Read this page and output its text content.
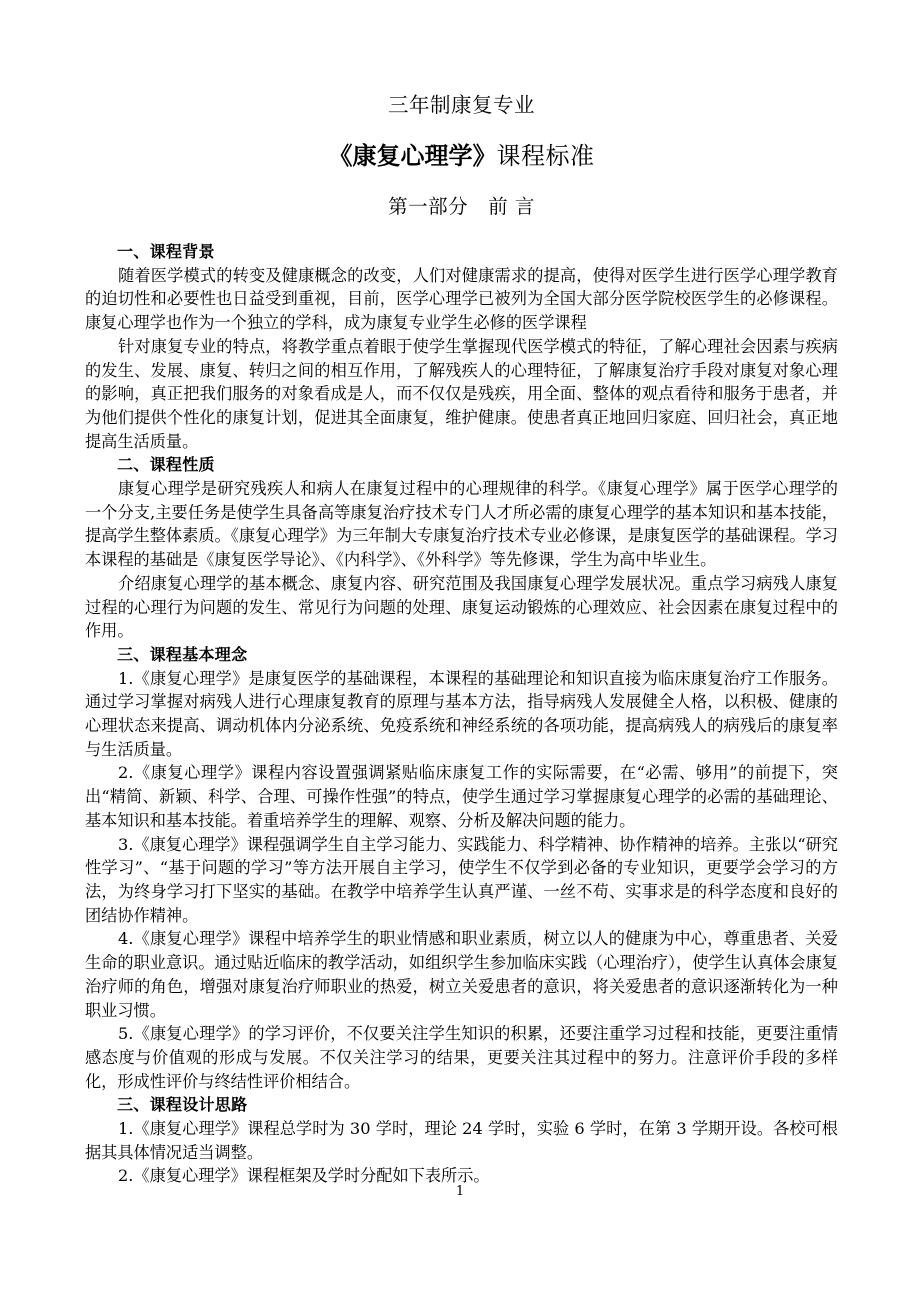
三年制康复专业
《康复心理学》课程标准
第一部分　前 言
一、课程背景

随着医学模式的转变及健康概念的改变，人们对健康需求的提高，使得对医学生进行医学心理学教育的迫切性和必要性也日益受到重视，目前，医学心理学已被列为全国大部分医学院校医学生的必修课程。康复心理学也作为一个独立的学科，成为康复专业学生必修的医学课程

针对康复专业的特点，将教学重点着眼于使学生掌握现代医学模式的特征，了解心理社会因素与疾病的发生、发展、康复、转归之间的相互作用，了解残疾人的心理特征，了解康复治疗手段对康复对象心理的影响，真正把我们服务的对象看成是人，而不仅仅是残疾，用全面、整体的观点看待和服务于患者，并为他们提供个性化的康复计划，促进其全面康复，维护健康。使患者真正地回归家庭、回归社会，真正地提高生活质量。

二、课程性质

康复心理学是研究残疾人和病人在康复过程中的心理规律的科学。《康复心理学》属于医学心理学的一个分支,主要任务是使学生具备高等康复治疗技术专门人才所必需的康复心理学的基本知识和基本技能，提高学生整体素质。《康复心理学》为三年制大专康复治疗技术专业必修课，是康复医学的基础课程。学习本课程的基础是《康复医学导论》、《内科学》、《外科学》等先修课，学生为高中毕业生。

介绍康复心理学的基本概念、康复内容、研究范围及我国康复心理学发展状况。重点学习病残人康复过程的心理行为问题的发生、常见行为问题的处理、康复运动锻炼的心理效应、社会因素在康复过程中的作用。

三、课程基本理念

1.《康复心理学》是康复医学的基础课程，本课程的基础理论和知识直接为临床康复治疗工作服务。通过学习掌握对病残人进行心理康复教育的原理与基本方法，指导病残人发展健全人格，以积极、健康的心理状态来提高、调动机体内分泌系统、免疫系统和神经系统的各项功能，提高病残人的病残后的康复率与生活质量。

2.《康复心理学》课程内容设置强调紧贴临床康复工作的实际需要，在“必需、够用”的前提下，突出“精简、新颖、科学、合理、可操作性强”的特点，使学生通过学习掌握康复心理学的必需的基础理论、基本知识和基本技能。着重培养学生的理解、观察、分析及解决问题的能力。

3.《康复心理学》课程强调学生自主学习能力、实践能力、科学精神、协作精神的培养。主张以“研究性学习”、“基于问题的学习”等方法开展自主学习，使学生不仅学到必备的专业知识，更要学会学习的方法，为终身学习打下坚实的基础。在教学中培养学生认真严谨、一丝不苟、实事求是的科学态度和良好的团结协作精神。

4.《康复心理学》课程中培养学生的职业情感和职业素质，树立以人的健康为中心，尊重患者、关爱生命的职业意识。通过贴近临床的教学活动，如组织学生参加临床实践（心理治疗），使学生认真体会康复治疗师的角色，增强对康复治疗师职业的热爱，树立关爱患者的意识，将关爱患者的意识逐渐转化为一种职业习惯。

5.《康复心理学》的学习评价，不仅要关注学生知识的积累，还要注重学习过程和技能，更要注重情感态度与价值观的形成与发展。不仅关注学习的结果，更要关注其过程中的努力。注意评价手段的多样化，形成性评价与终结性评价相结合。

三、课程设计思路

1.《康复心理学》课程总学时为 30 学时，理论 24 学时，实验 6 学时，在第 3 学期开设。各校可根据其具体情况适当调整。

2.《康复心理学》课程框架及学时分配如下表所示。

1
